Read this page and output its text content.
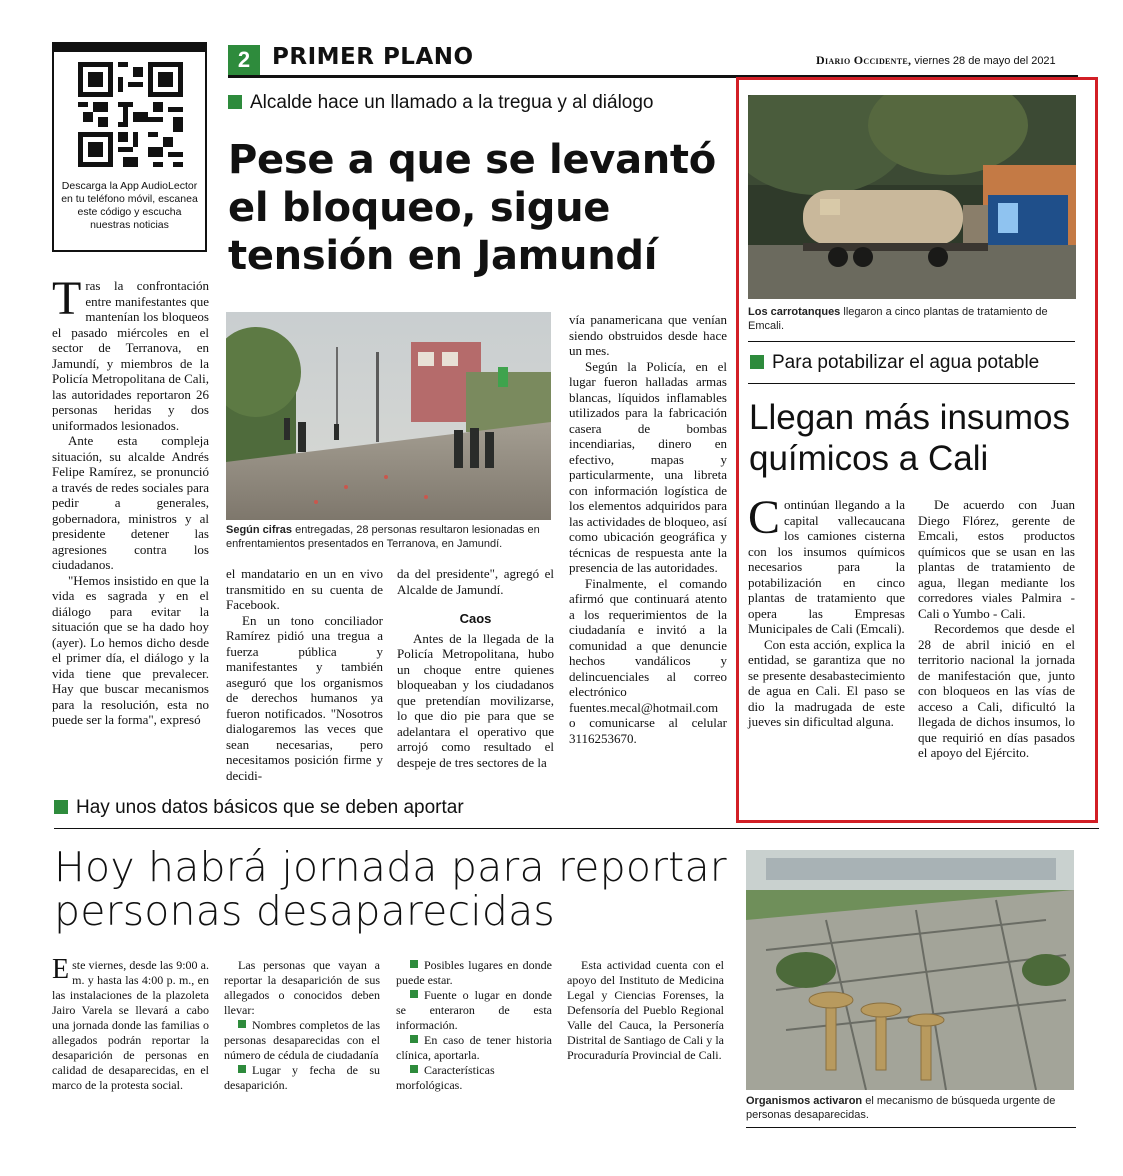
Descarga la App AudioLector en tu teléfono móvil, escanea este código y escucha nuestras noticias
2 PRIMER PLANO	Diario Occidente, viernes 28 de mayo del 2021
Alcalde hace un llamado a la tregua y al diálogo
Pese a que se levantó el bloqueo, sigue tensión en Jamundí
Según cifras entregadas, 28 personas resultaron lesionadas en enfrentamientos presentados en Terranova, en Jamundí.

Tras la confrontación entre manifestantes que mantenían los bloqueos el pasado miércoles en el sector de Terranova, en Jamundí, y miembros de la Policía Metropolitana de Cali, las autoridades reportaron 26 personas heridas y dos uniformados lesionados.

Ante esta compleja situación, su alcalde Andrés Felipe Ramírez, se pronunció a través de redes sociales para pedir a generales, gobernadora, ministros y al presidente detener las agresiones contra los ciudadanos.

"Hemos insistido en que la vida es sagrada y en el diálogo para evitar la situación que se ha dado hoy (ayer). Lo hemos dicho desde el primer día, el diálogo y la vida tiene que prevalecer. Hay que buscar mecanismos para la resolución, esta no puede ser la forma", expresó

el mandatario en un en vivo transmitido en su cuenta de Facebook.

En un tono conciliador Ramírez pidió una tregua a fuerza pública y manifestantes y también aseguró que los organismos de derechos humanos ya fueron notificados. "Nosotros dialogaremos las veces que sean necesarias, pero necesitamos posición firme y decidi-

da del presidente", agregó el Alcalde de Jamundí.

Caos

Antes de la llegada de la Policía Metropolitana, hubo un choque entre quienes bloqueaban y los ciudadanos que pretendían movilizarse, lo que dio pie para que se adelantara el operativo que arrojó como resultado el despeje de tres sectores de la

vía panamericana que venían siendo obstruidos desde hace un mes.

Según la Policía, en el lugar fueron halladas armas blancas, líquidos inflamables utilizados para la fabricación casera de bombas incendiarias, dinero en efectivo, mapas y particularmente, una libreta con información logística de los elementos adquiridos para las actividades de bloqueo, así como ubicación geográfica y técnicas de respuesta ante la presencia de las autoridades.

Finalmente, el comando afirmó que continuará atento a los requerimientos de la ciudadanía e invitó a la comunidad a que denuncie hechos vandálicos y delincuenciales al correo electrónico fuentes.mecal@hotmail.com o comunicarse al celular 3116253670.

Los carrotanques llegaron a cinco plantas de tratamiento de Emcali.
Para potabilizar el agua potable
Llegan más insumos químicos a Cali

Continúan llegando a la capital vallecaucana los camiones cisterna con los insumos químicos necesarios para la potabilización en cinco plantas de tratamiento que opera las Empresas Municipales de Cali (Emcali).

Con esta acción, explica la entidad, se garantiza que no se presente desabastecimiento de agua en Cali. El paso se dio la madrugada de este jueves sin dificultad alguna.

De acuerdo con Juan Diego Flórez, gerente de Emcali, estos productos químicos que se usan en las plantas de tratamiento de agua, llegan mediante los corredores viales Palmira - Cali o Yumbo - Cali.

Recordemos que desde el 28 de abril inició en el territorio nacional la jornada de manifestación que, junto con bloqueos en las vías de acceso a Cali, dificultó la llegada de dichos insumos, lo que requirió en días pasados el apoyo del Ejército.

Hay unos datos básicos que se deben aportar
Hoy habrá jornada para reportar personas desaparecidas

Este viernes, desde las 9:00 a. m. y hasta las 4:00 p. m., en las instalaciones de la plazoleta Jairo Varela se llevará a cabo una jornada donde las familias o allegados podrán reportar la desaparición de personas en calidad de desaparecidas, en el marco de la protesta social.

Las personas que vayan a reportar la desaparición de sus allegados o conocidos deben llevar:

Nombres completos de las personas desaparecidas con el número de cédula de ciudadanía

Lugar y fecha de su desaparición.

Posibles lugares en donde puede estar.

Fuente o lugar en donde se enteraron de esta información.

En caso de tener historia clínica, aportarla.

Características morfológicas.

Esta actividad cuenta con el apoyo del Instituto de Medicina Legal y Ciencias Forenses, la Defensoría del Pueblo Regional Valle del Cauca, la Personería Distrital de Santiago de Cali y la Procuraduría Provincial de Cali.

Organismos activaron el mecanismo de búsqueda urgente de personas desaparecidas.
